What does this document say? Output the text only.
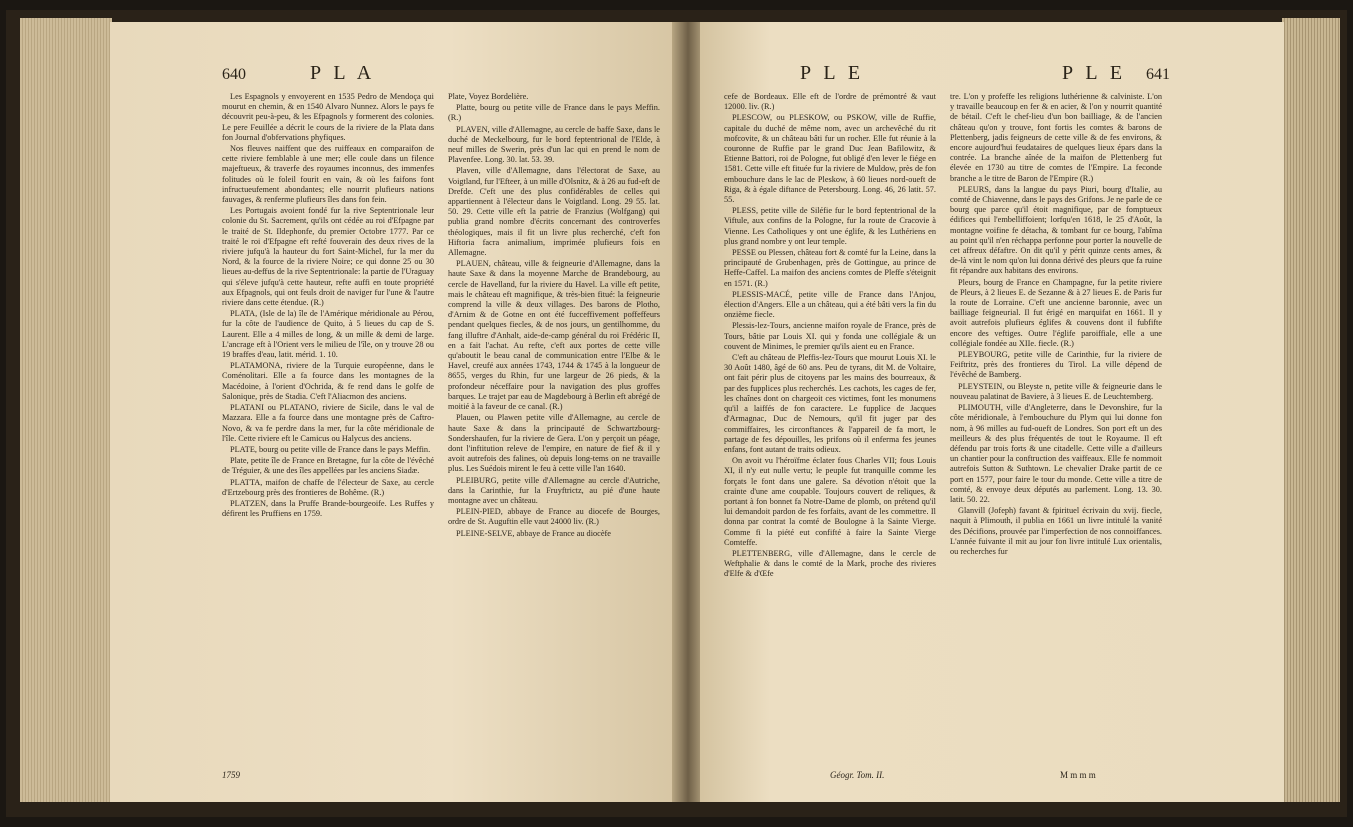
640	P L A

Les Espagnols y envoyerent en 1535 Pedro de Mendoça qui mourut en chemin, & en 1540 Alvaro Nunnez. Alors le pays fe découvrit peu-à-peu, & les Efpagnols y formerent des colonies. Le pere Feuillée a décrit le cours de la riviere de la Plata dans fon Journal d'obfervations phyfiques.

Nos fleuves naiffent que des ruiffeaux en comparaifon de cette riviere femblable à une mer; elle coule dans un filence majeftueux, & traverfe des royaumes inconnus, des immenfes folitudes où le foleil fourit en vain, & où les faifons font infructueufement abondantes; elle nourrit plufieurs nations fauvages, & renferme plufieurs îles dans fon fein.

Les Portugais avoient fondé fur la rive Septentrionale leur colonie du St. Sacrement, qu'ils ont cédée au roi d'Efpagne par le traité de St. Ildephonfe, du premier Octobre 1777. Par ce traité le roi d'Efpagne eft refté fouverain des deux rives de la riviere jufqu'à la hauteur du fort Saint-Michel, fur la mer du Nord, & la fource de la riviere Noire; ce qui donne 25 ou 30 lieues au-deffus de la rive Septentrionale: la partie de l'Uraguay qui s'éleve jufqu'à cette hauteur, refte auffi en toute propriété aux Efpagnols, qui ont feuls droit de naviger fur l'une & l'autre riviere dans cette étendue. (R.)

PLATA, (Isle de la) île de l'Amérique méridionale au Pérou, fur la côte de l'audience de Quito, à 5 lieues du cap de S. Laurent. Elle a 4 milles de long, & un mille & demi de large. L'ancrage eft à l'Orient vers le milieu de l'île, on y trouve 28 ou 19 braffes d'eau, latit. mérid. 1. 10.

PLATAMONA, riviere de la Turquie européenne, dans le Coménolitari. Elle a fa fource dans les montagnes de la Macédoine, à l'orient d'Ochrida, & fe rend dans le golfe de Salonique, près de Stadia. C'eft l'Aliacmon des anciens.

PLATANI ou PLATANO, riviere de Sicile, dans le val de Mazzara. Elle a fa fource dans une montagne près de Caftro-Novo, & va fe perdre dans la mer, fur la côte méridionale de l'île. Cette riviere eft le Camicus ou Halycus des anciens.

PLATE, bourg ou petite ville de France dans le pays Meffin.

Plate, petite île de France en Bretagne, fur la côte de l'évêché de Tréguier, & une des îles appellées par les anciens Siadæ.

PLATTA, maifon de chaffe de l'électeur de Saxe, au cercle d'Ertzebourg près des frontieres de Bohême. (R.)

PLATZEN, dans la Pruffe Brande-bourgeoife. Les Ruffes y défirent les Pruffiens en 1759.

Plate, Voyez Bordelière.

Platte, bourg ou petite ville de France dans le pays Meffin. (R.)

PLAVEN, ville d'Allemagne, au cercle de baffe Saxe, dans le duché de Meckelbourg, fur le bord feptentrional de l'Elde, à neuf milles de Swerin, près d'un lac qui en prend le nom de Plavenfee. Long. 30. lat. 53. 39.

Plaven, ville d'Allemagne, dans l'électorat de Saxe, au Voigtland, fur l'Efteer, à un mille d'Olsnitz, & à 26 au fud-eft de Drefde. C'eft une des plus confidérables de celles qui appartiennent à l'électeur dans le Voigtland. Long. 29 55. lat. 50. 29. Cette ville eft la patrie de Franzius (Wolfgang) qui publia grand nombre d'écrits concernant des controverfes théologiques, mais il fit un livre plus recherché, c'eft fon Hiftoria facra animalium, imprimée plufieurs fois en Allemagne.

PLAUEN, château, ville & feigneurie d'Allemagne, dans la haute Saxe & dans la moyenne Marche de Brandebourg, au cercle de Havelland, fur la riviere du Havel. La ville eft petite, mais le château eft magnifique, & très-bien fitué: la feigneurie comprend la ville & deux villages. Des barons de Plotho, d'Arnim & de Gotne en ont été fucceffivement poffeffeurs pendant quelques fiecles, & de nos jours, un gentilhomme, du fang illuftre d'Anhalt, aide-de-camp général du roi Frédéric II, en a fait l'achat. Au refte, c'eft aux portes de cette ville qu'aboutit le beau canal de communication entre l'Elbe & le Havel, creufé aux années 1743, 1744 & 1745 à la longueur de 8655, verges du Rhin, fur une largeur de 26 pieds, & la profondeur néceffaire pour la navigation des plus groffes barques. Le trajet par eau de Magdebourg à Berlin eft abrégé de moitié à la faveur de ce canal. (R.)

Plauen, ou Plawen petite ville d'Allemagne, au cercle de haute Saxe & dans la principauté de Schwartzbourg-Sondershaufen, fur la riviere de Gera. L'on y perçoit un péage, dont l'inftitution releve de l'empire, en nature de fief & il y avoit autrefois des falines, où depuis long-tems on ne travaille plus. Les Suédois mirent le feu à cette ville l'an 1640.

PLEIBURG, petite ville d'Allemagne au cercle d'Autriche, dans la Carinthie, fur la Fruyftrictz, au pié d'une haute montagne avec un château.

PLEIN-PIED, abbaye de France au diocefe de Bourges, ordre de St. Auguftin elle vaut 24000 liv. (R.)

PLEINE-SELVE, abbaye de France au diocèfe

1759
P L E	P L E 641

cefe de Bordeaux. Elle eft de l'ordre de prémontré & vaut 12000. liv. (R.)

PLESCOW, ou PLESKOW, ou PSKOW, ville de Ruffie, capitale du duché de même nom, avec un archevêché du rit mofcovite, & un château bâti fur un rocher. Elle fut réunie à la couronne de Ruffie par le grand Duc Jean Bafilowitz, & Etienne Battori, roi de Pologne, fut obligé d'en lever le fiége en 1581. Cette ville eft fituée fur la riviere de Muldow, près de fon embouchure dans le lac de Pleskow, à 60 lieues nord-oueft de Riga, & à égale diftance de Petersbourg. Long. 46, 26 latit. 57. 55.

PLESS, petite ville de Siléfie fur le bord feptentrional de la Viftule, aux confins de la Pologne, fur la route de Cracovie à Vienne. Les Catholiques y ont une églife, & les Luthériens en plus grand nombre y ont leur temple.

PESSE ou Plessen, château fort & comté fur la Leine, dans la principauté de Grubenhagen, près de Gottingue, au prince de Heffe-Caffel. La maifon des anciens comtes de Pleffe s'éteignit en 1571. (R.)

PLESSIS-MACÉ, petite ville de France dans l'Anjou, élection d'Angers. Elle a un château, qui a été bâti vers la fin du onzième fiecle.

Plessis-lez-Tours, ancienne maifon royale de France, près de Tours, bâtie par Louis XI. qui y fonda une collégiale & un couvent de Minimes, le premier qu'ils aient eu en France.

C'eft au château de Pleffis-lez-Tours que mourut Louis XI. le 30 Août 1480, âgé de 60 ans. Peu de tyrans, dit M. de Voltaire, ont fait périr plus de citoyens par les mains des bourreaux, & par des fupplices plus recherchés. Les cachots, les cages de fer, les chaînes dont on chargeoit ces victimes, font les monumens qu'il a laiffés de fon caractere. Le fupplice de Jacques d'Armagnac, Duc de Nemours, qu'il fit juger par des commiffaires, les circonftances & l'appareil de fa mort, le partage de fes dépouilles, les prifons où il enferma fes jeunes enfans, font autant de traits odieux.

On avoit vu l'héroïfme éclater fous Charles VII; fous Louis XI, il n'y eut nulle vertu; le peuple fut tranquille comme les forçats le font dans une galere. Sa dévotion n'étoit que la crainte d'une ame coupable. Toujours couvert de reliques, & portant à fon bonnet fa Notre-Dame de plomb, on prétend qu'il lui demandoit pardon de fes forfaits, avant de les commettre. Il donna par contrat la comté de Boulogne à la Sainte Vierge. Comme fi la piété eut confifté à faire la Sainte Vierge Comteffe.

PLETTENBERG, ville d'Allemagne, dans le cercle de Weftphalie & dans le comté de la Mark, proche des rivieres d'Elfe & d'Œfe

tre. L'on y profeffe les religions luthérienne & calviniste. L'on y travaille beaucoup en fer & en acier, & l'on y nourrit quantité de bétail. C'eft le chef-lieu d'un bon bailliage, & de l'ancien château qu'on y trouve, font fortis les comtes & barons de Plettenberg, jadis feigneurs de cette ville & de fes environs, & encore aujourd'hui feudataires de quelques lieux épars dans la contrée. La branche aînée de la maifon de Plettenberg fut élevée en 1730 au titre de comtes de l'Empire. La feconde branche a le titre de Baron de l'Empire (R.)

PLEURS, dans la langue du pays Piuri, bourg d'Italie, au comté de Chiavenne, dans le pays des Grifons. Je ne parle de ce bourg que parce qu'il étoit magnifique, par de fomptueux édifices qui l'embelliffoient; lorfqu'en 1618, le 25 d'Août, la montagne voifine fe détacha, & tombant fur ce bourg, l'abîma au point qu'il n'en réchappa perfonne pour porter la nouvelle de cet affreux défaftre. On dit qu'il y périt quinze cents ames, & de-là vint le nom qu'on lui donna dérivé des pleurs que fa ruine fit répandre aux habitans des environs.

Pleurs, bourg de France en Champagne, fur la petite riviere de Pleurs, à 2 lieues E. de Sezanne & à 27 lieues E. de Paris fur la route de Lorraine. C'eft une ancienne baronnie, avec un bailliage feigneurial. Il fut érigé en marquifat en 1661. Il y avoit autrefois plufieurs églifes & couvens dont il fubfifte encore des veftiges. Outre l'églife paroiffiale, elle a une collégiale fondée au XIIe. fiecle. (R.)

PLEYBOURG, petite ville de Carinthie, fur la riviere de Feiftritz, près des frontieres du Tirol. La ville dépend de l'évêché de Bamberg.

PLEYSTEIN, ou Bleyste n, petite ville & feigneurie dans le nouveau palatinat de Baviere, à 3 lieues E. de Leuchtemberg.

PLIMOUTH, ville d'Angleterre, dans le Devonshire, fur la côte méridionale, à l'embouchure du Plym qui lui donne fon nom, à 96 milles au fud-oueft de Londres. Son port eft un des meilleurs & des plus fréquentés de tout le Royaume. Il eft défendu par trois forts & une citadelle. Cette ville a d'ailleurs un chantier pour la conftruction des vaiffeaux. Elle fe nommoit autrefois Sutton & Suthtown. Le chevalier Drake partit de ce port en 1577, pour faire le tour du monde. Cette ville a titre de comté, & envoye deux députés au parlement. Long. 13. 30. latit. 50. 22.

Glanvill (Jofeph) favant & fpirituel écrivain du xvij. fiecle, naquit à Plimouth, il publia en 1661 un livre intitulé la vanité des Décifions, prouvée par l'imperfection de nos connoiffances. L'année fuivante il mit au jour fon livre intitulé Lux orientalis, ou recherches fur

Géogr. Tom. II.	M m m m
